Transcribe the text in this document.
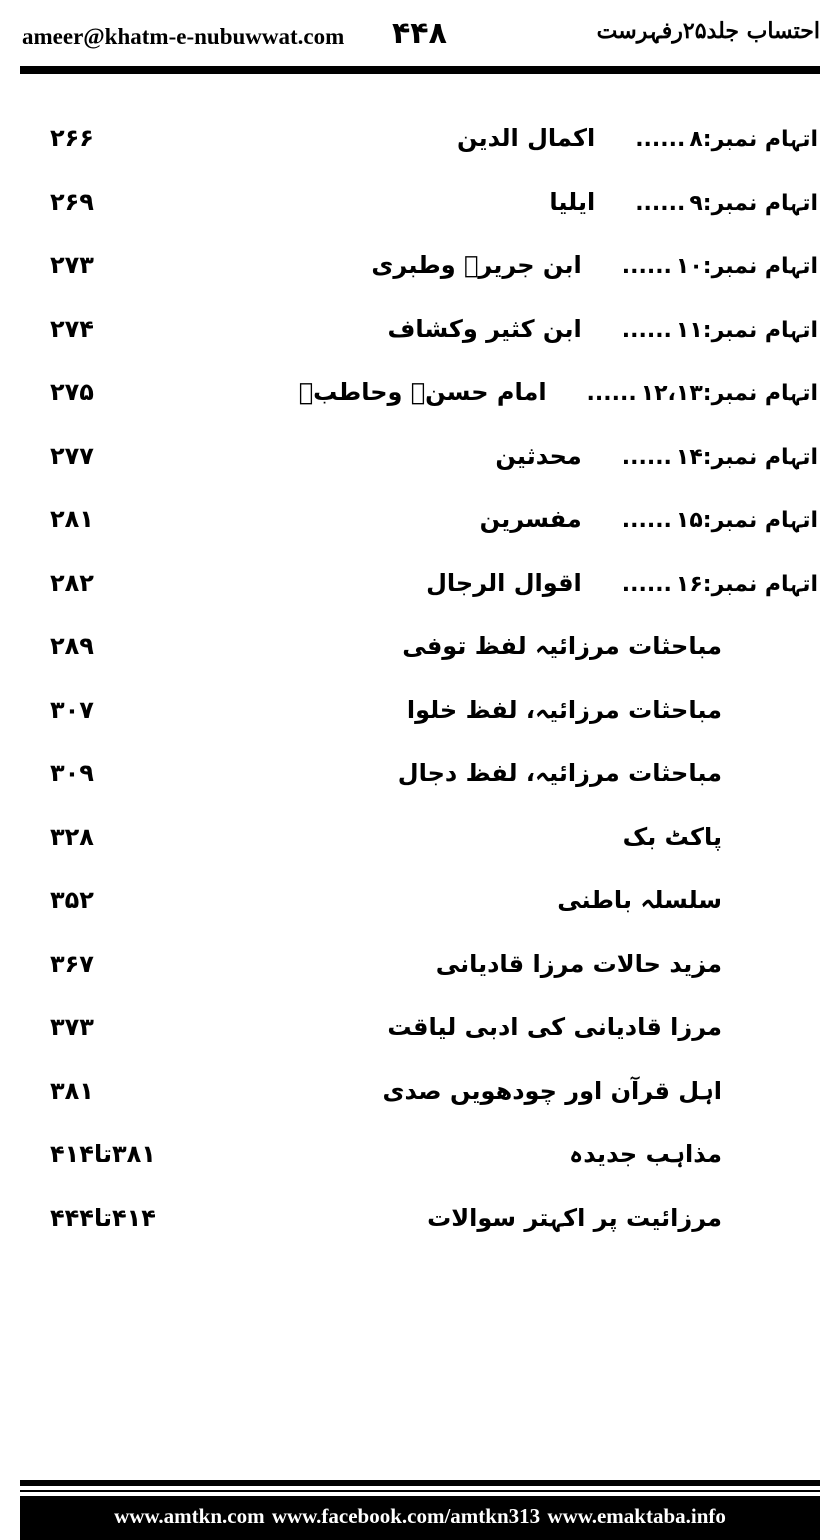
ameer@khatm-e-nubuwwat.com ۴۴۸	احتساب جلد۲۵رفہرست
اتہام نمبر:۸......اکمال الدین
۲۶۶
اتہام نمبر:۹......ایلیا
۲۶۹
اتہام نمبر:۱۰......ابن جریرؒ وطبری
۲۷۳
اتہام نمبر:۱۱......ابن کثیر وکشاف
۲۷۴
اتہام نمبر:۱۲،۱۳......امام حسنؓ وحاطبؓ
۲۷۵
اتہام نمبر:۱۴......محدثین
۲۷۷
اتہام نمبر:۱۵......مفسرین
۲۸۱
اتہام نمبر:۱۶......اقوال الرجال
۲۸۲
مباحثات مرزائیہ لفظ توفی
۲۸۹
مباحثات مرزائیہ، لفظ خلوا
۳۰۷
مباحثات مرزائیہ، لفظ دجال
۳۰۹
پاکٹ بک
۳۲۸
سلسلہ باطنی
۳۵۲
مزید حالات مرزا قادیانی
۳۶۷
مرزا قادیانی کی ادبی لیاقت
۳۷۳
اہل قرآن اور چودھویں صدی
۳۸۱
مذاہب جدیدہ
۳۸۱تا۴۱۴
مرزائیت پر اکہتر سوالات
۴۱۴تا۴۴۴
www.amtkn.com www.facebook.com/amtkn313 www.emaktaba.info
